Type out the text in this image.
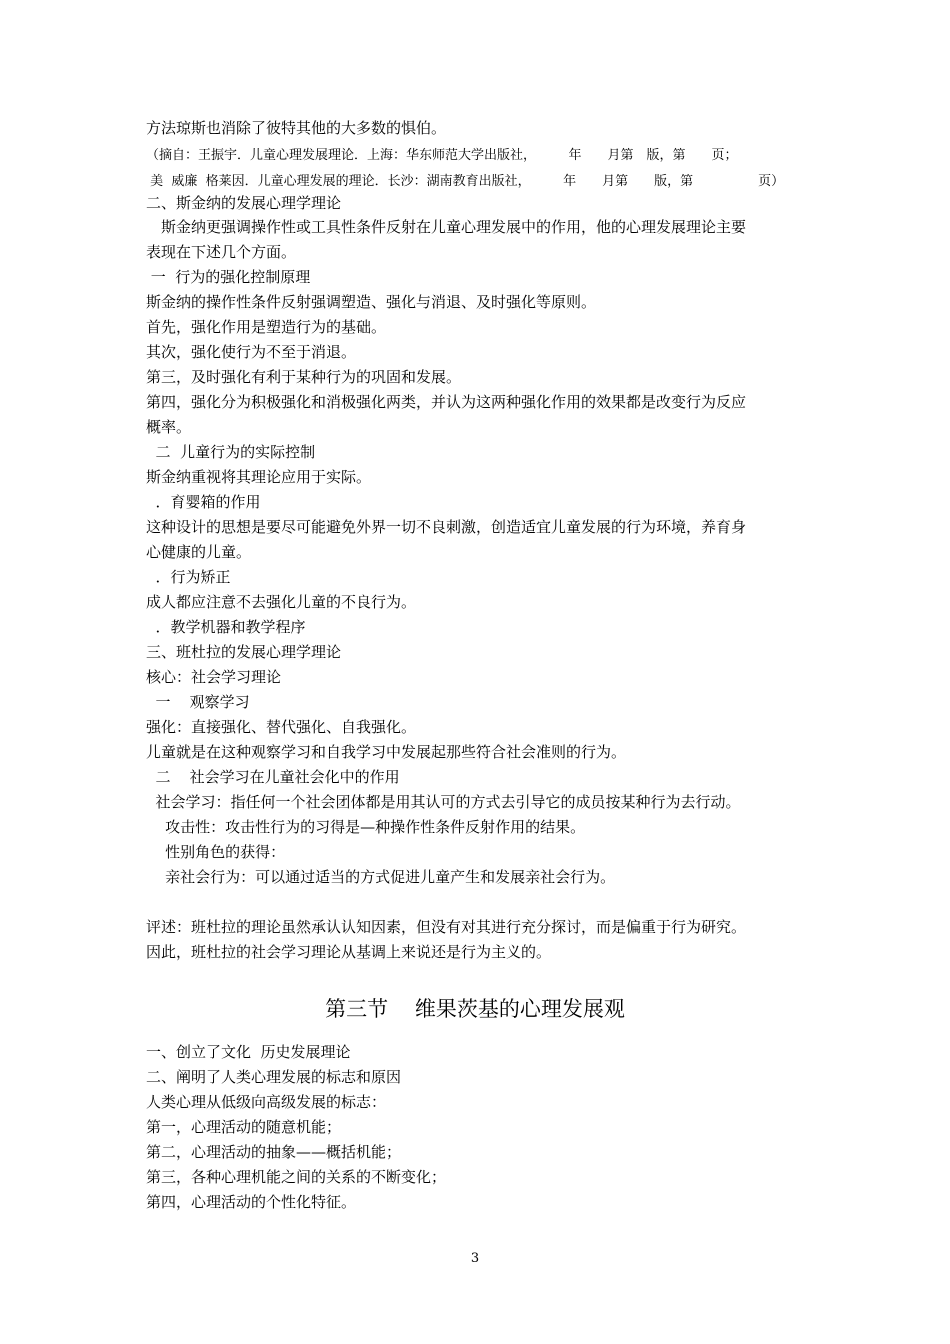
方法琼斯也消除了彼特其他的大多数的惧伯。
（摘自：王振宇．儿童心理发展理论．上海：华东师范大学出版社，　　　年　　月第　版，第　　页；
美  威廉  格莱因．儿童心理发展的理论．长沙：湖南教育出版社，　　　年　　月第　　版，第　　　　　页）
二、斯金纳的发展心理学理论
　斯金纳更强调操作性或工具性条件反射在儿童心理发展中的作用，他的心理发展理论主要
表现在下述几个方面。
一  行为的强化控制原理
斯金纳的操作性条件反射强调塑造、强化与消退、及时强化等原则。
首先，强化作用是塑造行为的基础。
其次，强化使行为不至于消退。
第三，及时强化有利于某种行为的巩固和发展。
第四，强化分为积极强化和消极强化两类，并认为这两种强化作用的效果都是改变行为反应
概率。
二  儿童行为的实际控制
斯金纳重视将其理论应用于实际。
．育婴箱的作用
这种设计的思想是要尽可能避免外界一切不良刺激，创造适宜儿童发展的行为环境，养育身
心健康的儿童。
．行为矫正
成人都应注意不去强化儿童的不良行为。
．教学机器和教学程序
三、班杜拉的发展心理学理论
核心：社会学习理论
一    观察学习
强化：直接强化、替代强化、自我强化。
儿童就是在这种观察学习和自我学习中发展起那些符合社会准则的行为。
二    社会学习在儿童社会化中的作用
社会学习：指任何一个社会团体都是用其认可的方式去引导它的成员按某种行为去行动。
攻击性：攻击性行为的习得是—种操作性条件反射作用的结果。
性别角色的获得：
亲社会行为：可以通过适当的方式促进儿童产生和发展亲社会行为。
评述：班杜拉的理论虽然承认认知因素，但没有对其进行充分探讨，而是偏重于行为研究。
因此，班杜拉的社会学习理论从基调上来说还是行为主义的。
第三节    维果茨基的心理发展观
一、创立了文化  历史发展理论
二、阐明了人类心理发展的标志和原因
人类心理从低级向高级发展的标志：
第一，心理活动的随意机能；
第二，心理活动的抽象——概括机能；
第三，各种心理机能之间的关系的不断变化；
第四，心理活动的个性化特征。
3
